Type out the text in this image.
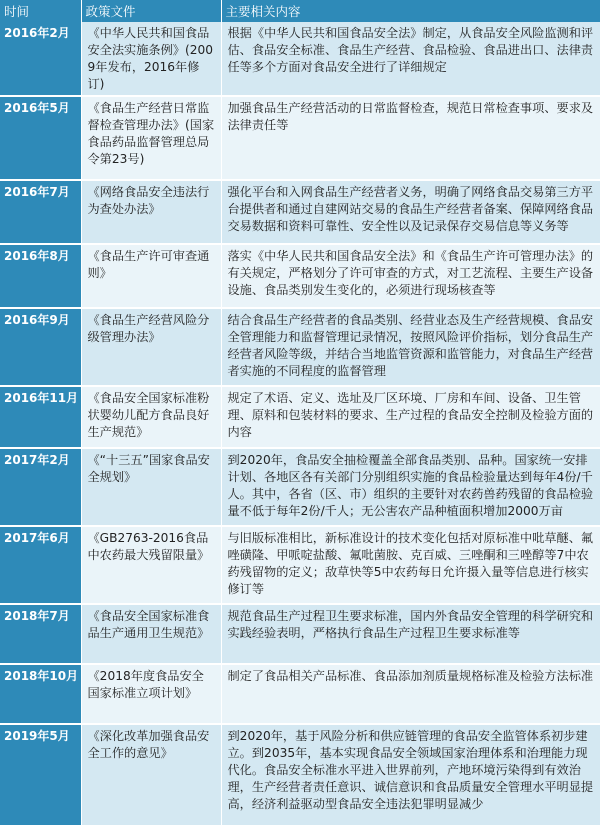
时间	政策文件	主要相关内容
2016年2月	《中华人民共和国食品安全法实施条例》(2009年发布，2016年修订)	根据《中华人民共和国食品安全法》制定，从食品安全风险监测和评估、食品安全标准、食品生产经营、食品检验、食品进出口、法律责任等多个方面对食品安全进行了详细规定
2016年5月	《食品生产经营日常监督检查管理办法》(国家食品药品监督管理总局令第23号)	加强食品生产经营活动的日常监督检查，规范日常检查事项、要求及法律责任等
2016年7月	《网络食品安全违法行为查处办法》	强化平台和入网食品生产经营者义务，明确了网络食品交易第三方平台提供者和通过自建网站交易的食品生产经营者备案、保障网络食品交易数据和资料可靠性、安全性以及记录保存交易信息等义务等
2016年8月	《食品生产许可审查通则》	落实《中华人民共和国食品安全法》和《食品生产许可管理办法》的有关规定，严格划分了许可审查的方式，对工艺流程、主要生产设备设施、食品类别发生变化的，必须进行现场核查等
2016年9月	《食品生产经营风险分级管理办法》	结合食品生产经营者的食品类别、经营业态及生产经营规模、食品安全管理能力和监督管理记录情况，按照风险评价指标，划分食品生产经营者风险等级，并结合当地监管资源和监管能力，对食品生产经营者实施的不同程度的监督管理
2016年11月	《食品安全国家标准粉状婴幼儿配方食品良好生产规范》	规定了术语、定义、选址及厂区环境、厂房和车间、设备、卫生管理、原料和包装材料的要求、生产过程的食品安全控制及检验方面的内容
2017年2月	《“十三五”国家食品安全规划》	到2020年，食品安全抽检覆盖全部食品类别、品种。国家统一安排计划、各地区各有关部门分别组织实施的食品检验量达到每年4份/千人。其中，各省（区、市）组织的主要针对农药兽药残留的食品检验量不低于每年2份/千人；无公害农产品种植面积增加2000万亩
2017年6月	《GB2763-2016食品中农药最大残留限量》	与旧版标准相比，新标准设计的技术变化包括对原标准中吡草醚、氟唑磺隆、甲哌啶盐酸、氟吡菌胺、克百威、三唑酮和三唑醇等7中农药残留物的定义；敌草快等5中农药每日允许摄入量等信息进行核实修订等
2018年7月	《食品安全国家标准食品生产通用卫生规范》	规范食品生产过程卫生要求标准，国内外食品安全管理的科学研究和实践经验表明，严格执行食品生产过程卫生要求标准等
2018年10月	《2018年度食品安全国家标准立项计划》	制定了食品相关产品标准、食品添加剂质量规格标准及检验方法标准
2019年5月	《深化改革加强食品安全工作的意见》	到2020年，基于风险分析和供应链管理的食品安全监管体系初步建立。到2035年，基本实现食品安全领域国家治理体系和治理能力现代化。食品安全标准水平进入世界前列，产地环境污染得到有效治理，生产经营者责任意识、诚信意识和食品质量安全管理水平明显提高，经济利益驱动型食品安全违法犯罪明显减少
